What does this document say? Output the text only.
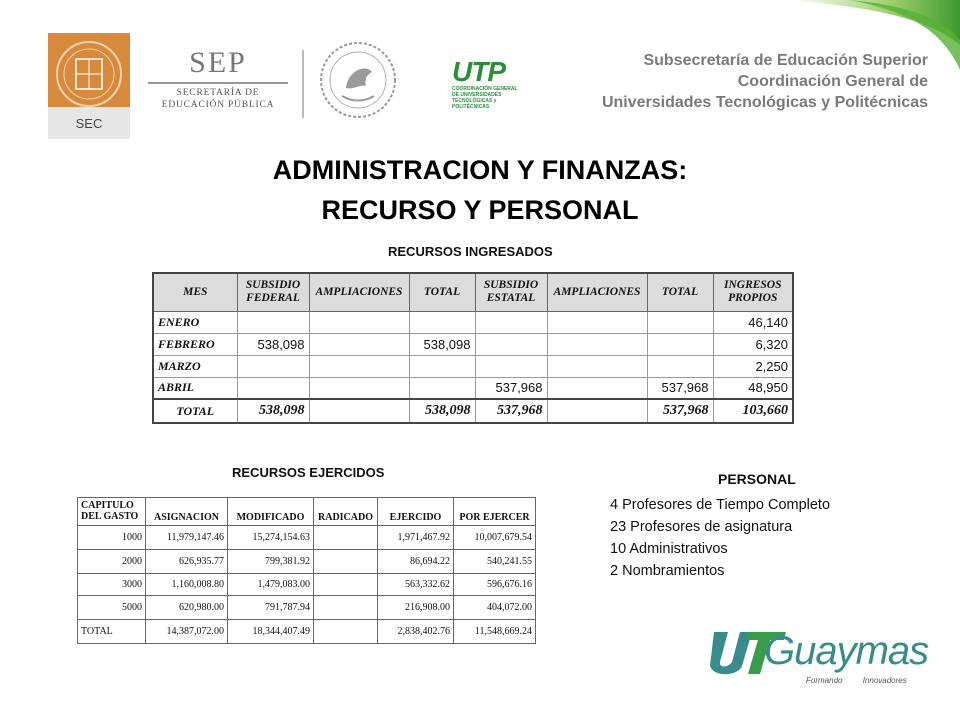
SEC
SEP
SECRETARÍA DE
EDUCACIÓN PÚBLICA
UTP
COORDINACIÓN GENERAL DE UNIVERSIDADES
TECNOLÓGICAS y POLITÉCNICAS
Subsecretaría de Educación Superior
Coordinación General de
Universidades Tecnológicas y Politécnicas
ADMINISTRACION Y FINANZAS:
RECURSO Y PERSONAL
RECURSOS INGRESADOS
MES	SUBSIDIO FEDERAL	AMPLIACIONES	TOTAL	SUBSIDIO ESTATAL	AMPLIACIONES	TOTAL	INGRESOS PROPIOS
ENERO							46,140
FEBRERO	538,098		538,098				6,320
MARZO							2,250
ABRIL				537,968		537,968	48,950
TOTAL	538,098		538,098	537,968		537,968	103,660
RECURSOS EJERCIDOS
CAPITULO DEL GASTO	ASIGNACION	MODIFICADO	RADICADO	EJERCIDO	POR EJERCER
1000	11,979,147.46	15,274,154.63		1,971,467.92	10,007,679.54
2000	626,935.77	799,381.92		86,694.22	540,241.55
3000	1,160,008.80	1,479,083.00		563,332.62	596,676.16
5000	620,980.00	791,787.94		216,908.00	404,072.00
TOTAL	14,387,072.00	18,344,407.49		2,838,402.76	11,548,669.24
PERSONAL
4 Profesores de Tiempo Completo
23 Profesores de asignatura
10 Administrativos
2 Nombramientos
Guaymas
Formando	Innovadores
